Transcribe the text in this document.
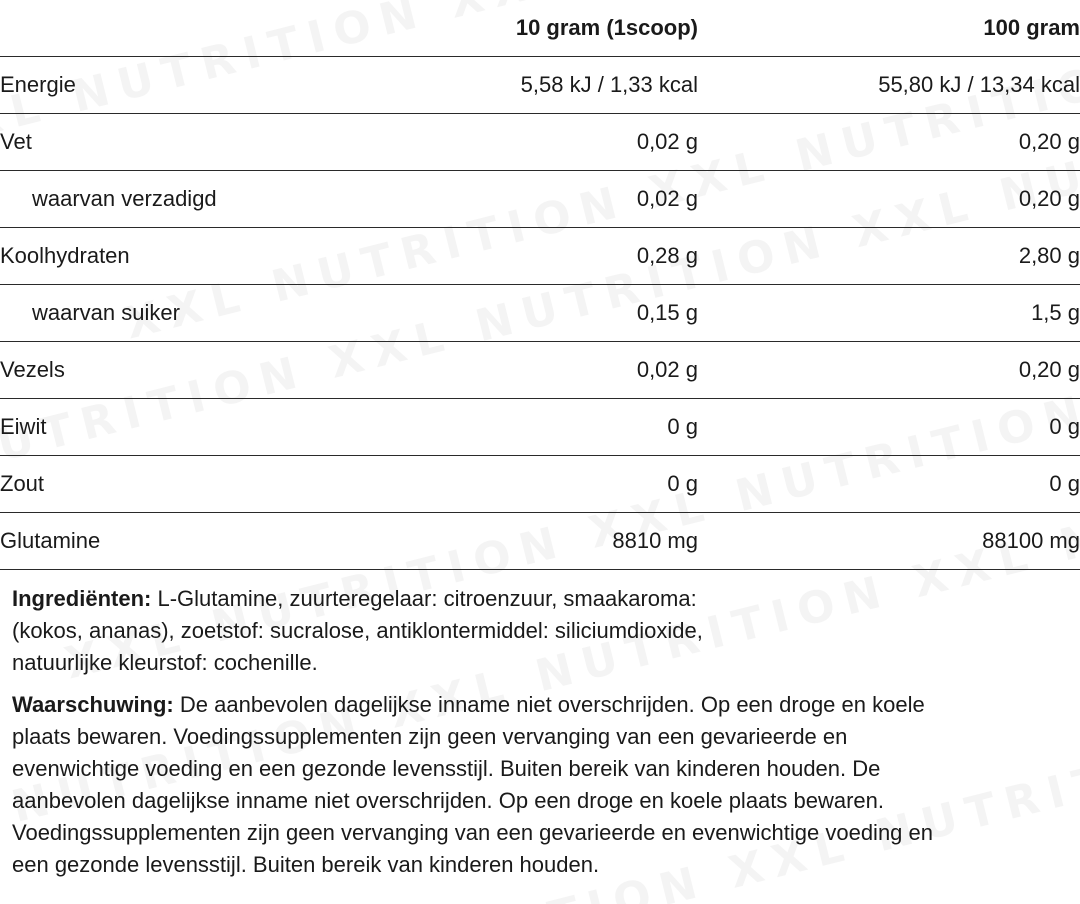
	10 gram (1scoop)	100 gram
Energie	5,58 kJ / 1,33 kcal	55,80 kJ / 13,34 kcal
Vet	0,02 g	0,20 g
waarvan verzadigd	0,02 g	0,20 g
Koolhydraten	0,28 g	2,80 g
waarvan suiker	0,15 g	1,5 g
Vezels	0,02 g	0,20 g
Eiwit	0 g	0 g
Zout	0 g	0 g
Glutamine	8810 mg	88100 mg
Ingrediënten: L-Glutamine, zuurteregelaar: citroenzuur, smaakaroma:
(kokos, ananas), zoetstof: sucralose, antiklontermiddel: siliciumdioxide,
natuurlijke kleurstof: cochenille.
Waarschuwing: De aanbevolen dagelijkse inname niet overschrijden. Op een droge en koele
plaats bewaren. Voedingssupplementen zijn geen vervanging van een gevarieerde en
evenwichtige voeding en een gezonde levensstijl. Buiten bereik van kinderen houden. De
aanbevolen dagelijkse inname niet overschrijden. Op een droge en koele plaats bewaren.
Voedingssupplementen zijn geen vervanging van een gevarieerde en evenwichtige voeding en
een gezonde levensstijl. Buiten bereik van kinderen houden.
